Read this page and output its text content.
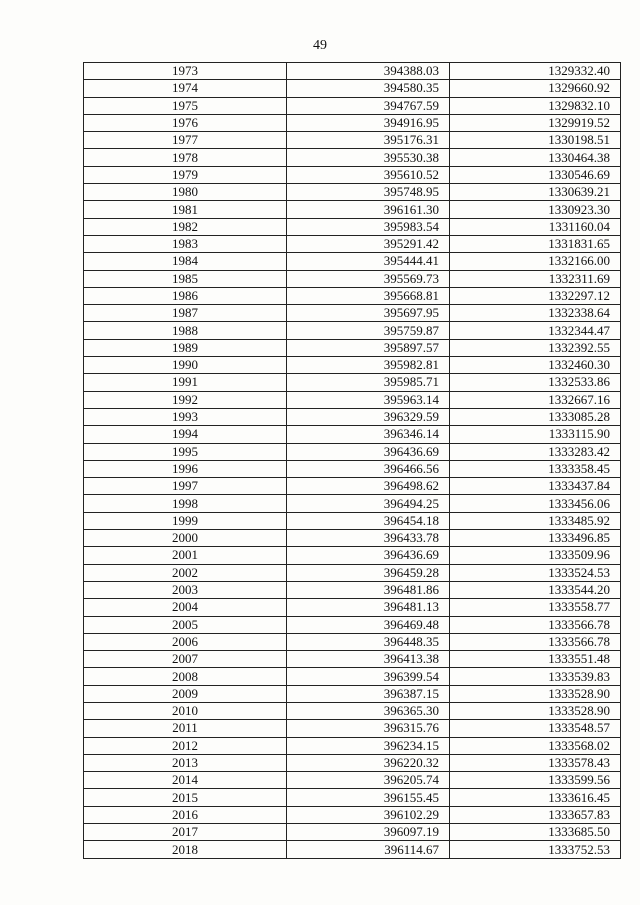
49
1973	394388.03	1329332.40
1974	394580.35	1329660.92
1975	394767.59	1329832.10
1976	394916.95	1329919.52
1977	395176.31	1330198.51
1978	395530.38	1330464.38
1979	395610.52	1330546.69
1980	395748.95	1330639.21
1981	396161.30	1330923.30
1982	395983.54	1331160.04
1983	395291.42	1331831.65
1984	395444.41	1332166.00
1985	395569.73	1332311.69
1986	395668.81	1332297.12
1987	395697.95	1332338.64
1988	395759.87	1332344.47
1989	395897.57	1332392.55
1990	395982.81	1332460.30
1991	395985.71	1332533.86
1992	395963.14	1332667.16
1993	396329.59	1333085.28
1994	396346.14	1333115.90
1995	396436.69	1333283.42
1996	396466.56	1333358.45
1997	396498.62	1333437.84
1998	396494.25	1333456.06
1999	396454.18	1333485.92
2000	396433.78	1333496.85
2001	396436.69	1333509.96
2002	396459.28	1333524.53
2003	396481.86	1333544.20
2004	396481.13	1333558.77
2005	396469.48	1333566.78
2006	396448.35	1333566.78
2007	396413.38	1333551.48
2008	396399.54	1333539.83
2009	396387.15	1333528.90
2010	396365.30	1333528.90
2011	396315.76	1333548.57
2012	396234.15	1333568.02
2013	396220.32	1333578.43
2014	396205.74	1333599.56
2015	396155.45	1333616.45
2016	396102.29	1333657.83
2017	396097.19	1333685.50
2018	396114.67	1333752.53
